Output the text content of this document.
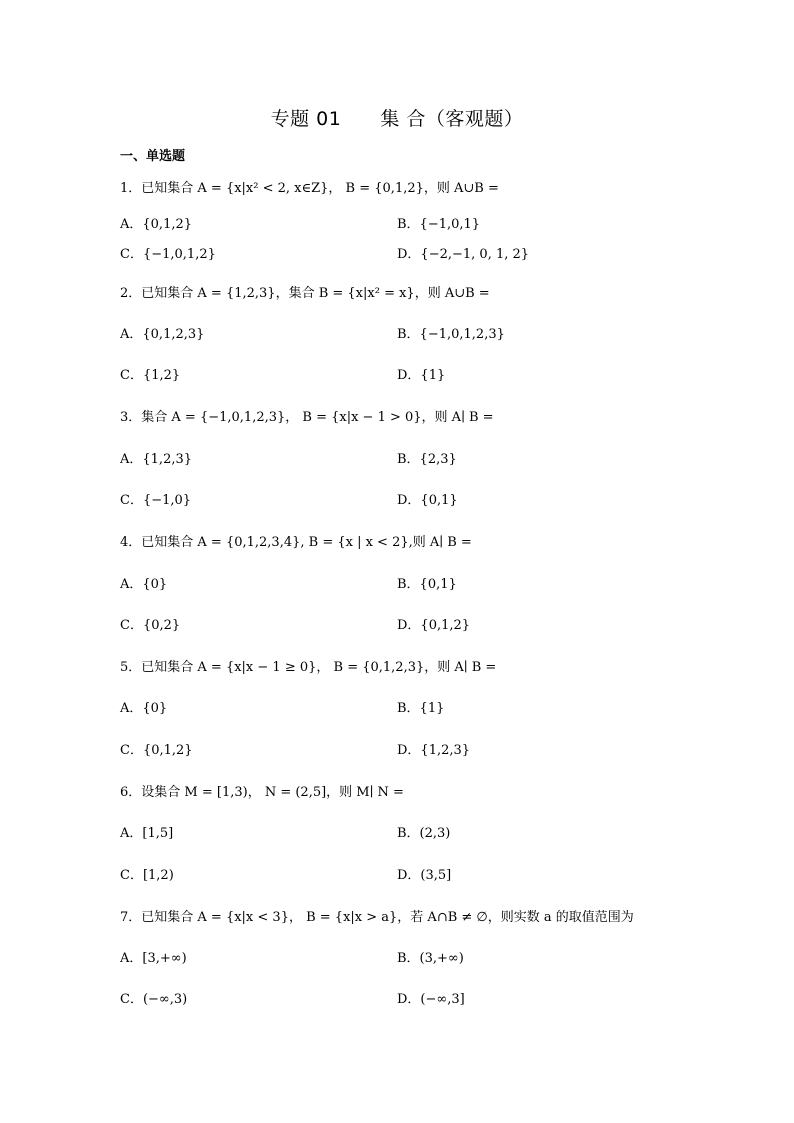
专题 01　　集 合（客观题）
一、单选题
1．已知集合 A = {x|x² < 2, x∈Z}， B = {0,1,2}，则 A∪B =
A．{0,1,2}	B．{−1,0,1}
C．{−1,0,1,2}	D．{−2,−1, 0, 1, 2}
2．已知集合 A = {1,2,3}，集合 B = {x|x² = x}，则 A∪B =
A．{0,1,2,3}	B．{−1,0,1,2,3}
C．{1,2}	D．{1}
3．集合 A = {−1,0,1,2,3}， B = {x|x − 1 > 0}，则 A∣ B =
A．{1,2,3}	B．{2,3}
C．{−1,0}	D．{0,1}
4．已知集合 A = {0,1,2,3,4}, B = {x | x < 2},则 A∣ B =
A．{0}	B．{0,1}
C．{0,2}	D．{0,1,2}
5．已知集合 A = {x|x − 1 ≥ 0}， B = {0,1,2,3}，则 A∣ B =
A．{0}	B．{1}
C．{0,1,2}	D．{1,2,3}
6．设集合 M = [1,3)， N = (2,5]，则 M∣ N =
A．[1,5]	B．(2,3)
C．[1,2)	D．(3,5]
7．已知集合 A = {x|x < 3}， B = {x|x > a}，若 A∩B ≠ ∅，则实数 a 的取值范围为
A．[3,+∞)	B．(3,+∞)
C．(−∞,3)	D．(−∞,3]
